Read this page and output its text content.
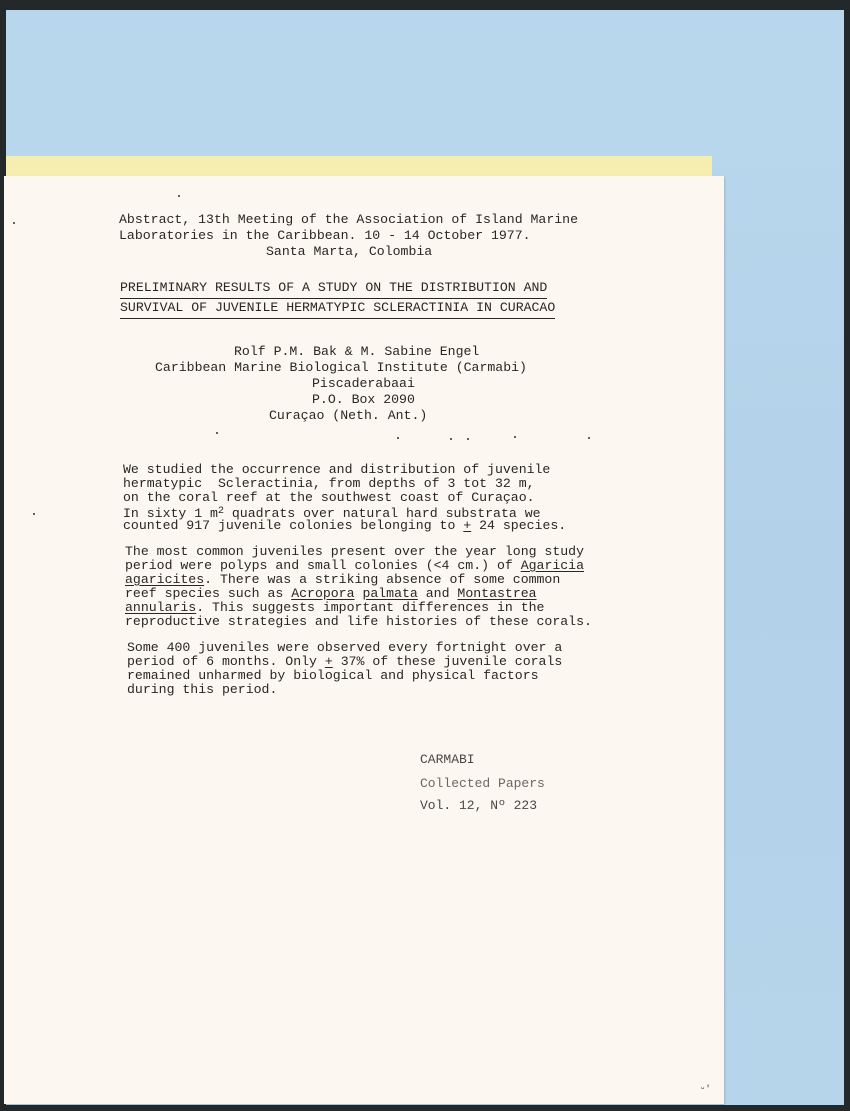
Abstract, 13th Meeting of the Association of Island Marine
Laboratories in the Caribbean. 10 - 14 October 1977.
Santa Marta, Colombia
PRELIMINARY RESULTS OF A STUDY ON THE DISTRIBUTION AND
SURVIVAL OF JUVENILE HERMATYPIC SCLERACTINIA IN CURACAO
Rolf P.M. Bak & M. Sabine Engel
Caribbean Marine Biological Institute (Carmabi)
Piscaderabaai
P.O. Box 2090
Curaçao (Neth. Ant.)
We studied the occurrence and distribution of juvenile
hermatypic  Scleractinia, from depths of 3 tot 32 m,
on the coral reef at the southwest coast of Curaçao.
In sixty 1 $m^2$ quadrats over natural hard substrata we
counted 917 juvenile colonies belonging to + 24 species.
The most common juveniles present over the year long study
period were polyps and small colonies (<4 cm.) of Agaricia
agaricites. There was a striking absence of some common
reef species such as Acropora palmata and Montastrea
annularis. This suggests important differences in the
reproductive strategies and life histories of these corals.
Some 400 juveniles were observed every fortnight over a
period of 6 months. Only + 37% of these juvenile corals
remained unharmed by biological and physical factors
during this period.
CARMABI
Collected Papers
Vol. 12, Nº 223
ᵕ'
